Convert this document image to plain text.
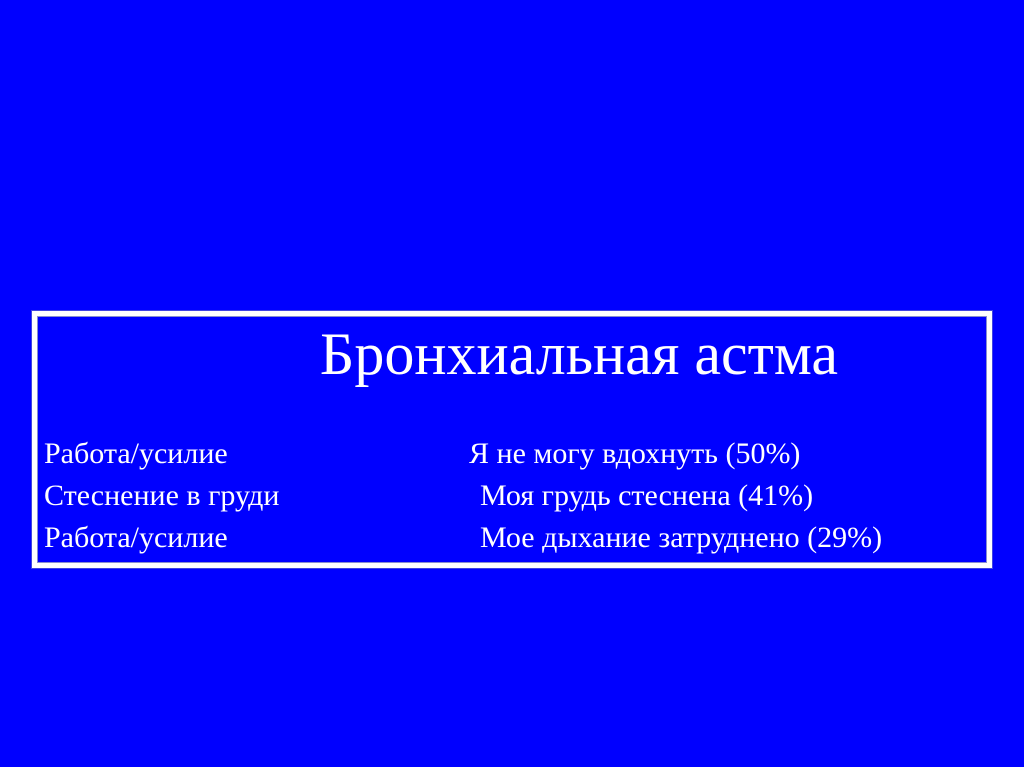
Бронхиальная астма
Работа/усилие	Я не могу вдохнуть (50%)
Стеснение в груди	Моя грудь стеснена (41%)
Работа/усилие	Мое дыхание затруднено (29%)
